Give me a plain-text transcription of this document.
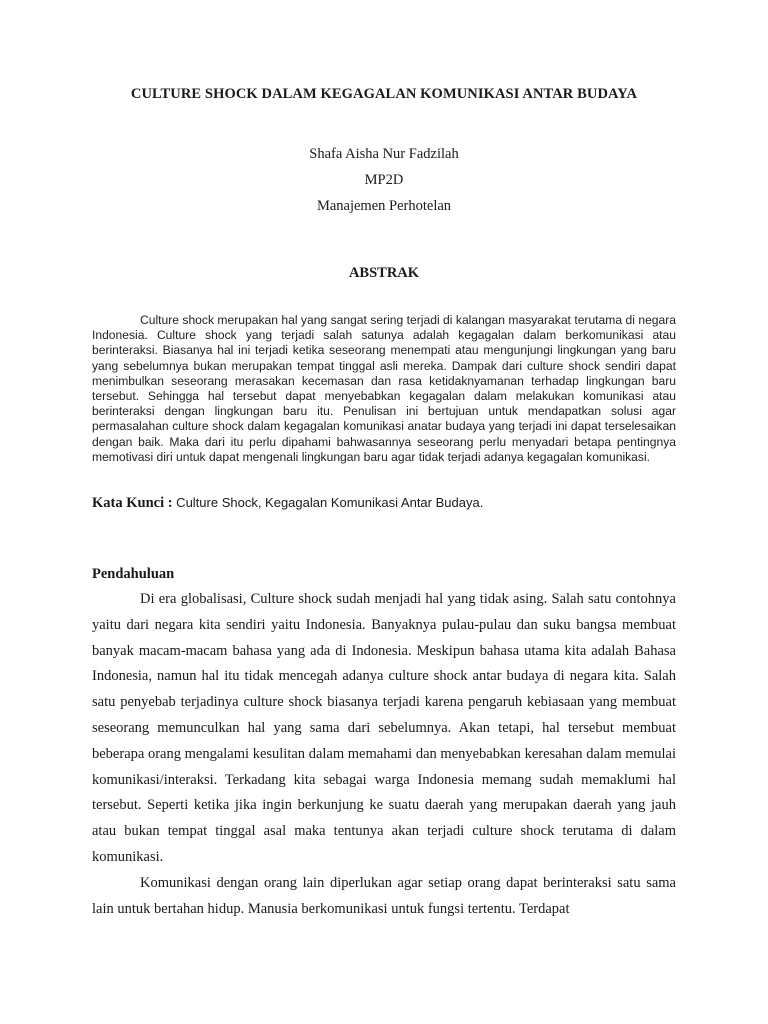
CULTURE SHOCK DALAM KEGAGALAN KOMUNIKASI ANTAR BUDAYA
Shafa Aisha Nur Fadzilah
MP2D
Manajemen Perhotelan
ABSTRAK

Culture shock merupakan hal yang sangat sering terjadi di kalangan masyarakat terutama di negara Indonesia. Culture shock yang terjadi salah satunya adalah kegagalan dalam berkomunikasi atau berinteraksi. Biasanya hal ini terjadi ketika seseorang menempati atau mengunjungi lingkungan yang baru yang sebelumnya bukan merupakan tempat tinggal asli mereka. Dampak dari culture shock sendiri dapat menimbulkan seseorang merasakan kecemasan dan rasa ketidaknyamanan terhadap lingkungan baru tersebut. Sehingga hal tersebut dapat menyebabkan kegagalan dalam melakukan komunikasi atau berinteraksi dengan lingkungan baru itu. Penulisan ini bertujuan untuk mendapatkan solusi agar permasalahan culture shock dalam kegagalan komunikasi anatar budaya yang terjadi ini dapat terselesaikan dengan baik. Maka dari itu perlu dipahami bahwasannya seseorang perlu menyadari betapa pentingnya memotivasi diri untuk dapat mengenali lingkungan baru agar tidak terjadi adanya kegagalan komunikasi.

Kata Kunci : Culture Shock, Kegagalan Komunikasi Antar Budaya.
Pendahuluan

Di era globalisasi, Culture shock sudah menjadi hal yang tidak asing. Salah satu contohnya yaitu dari negara kita sendiri yaitu Indonesia. Banyaknya pulau-pulau dan suku bangsa membuat banyak macam-macam bahasa yang ada di Indonesia. Meskipun bahasa utama kita adalah Bahasa Indonesia, namun hal itu tidak mencegah adanya culture shock antar budaya di negara kita. Salah satu penyebab terjadinya culture shock biasanya terjadi karena pengaruh kebiasaan yang membuat seseorang memunculkan hal yang sama dari sebelumnya. Akan tetapi, hal tersebut membuat beberapa orang mengalami kesulitan dalam memahami dan menyebabkan keresahan dalam memulai komunikasi/interaksi. Terkadang kita sebagai warga Indonesia memang sudah memaklumi hal tersebut. Seperti ketika jika ingin berkunjung ke suatu daerah yang merupakan daerah yang jauh atau bukan tempat tinggal asal maka tentunya akan terjadi culture shock terutama di dalam komunikasi.

Komunikasi dengan orang lain diperlukan agar setiap orang dapat berinteraksi satu sama lain untuk bertahan hidup. Manusia berkomunikasi untuk fungsi tertentu. Terdapat
